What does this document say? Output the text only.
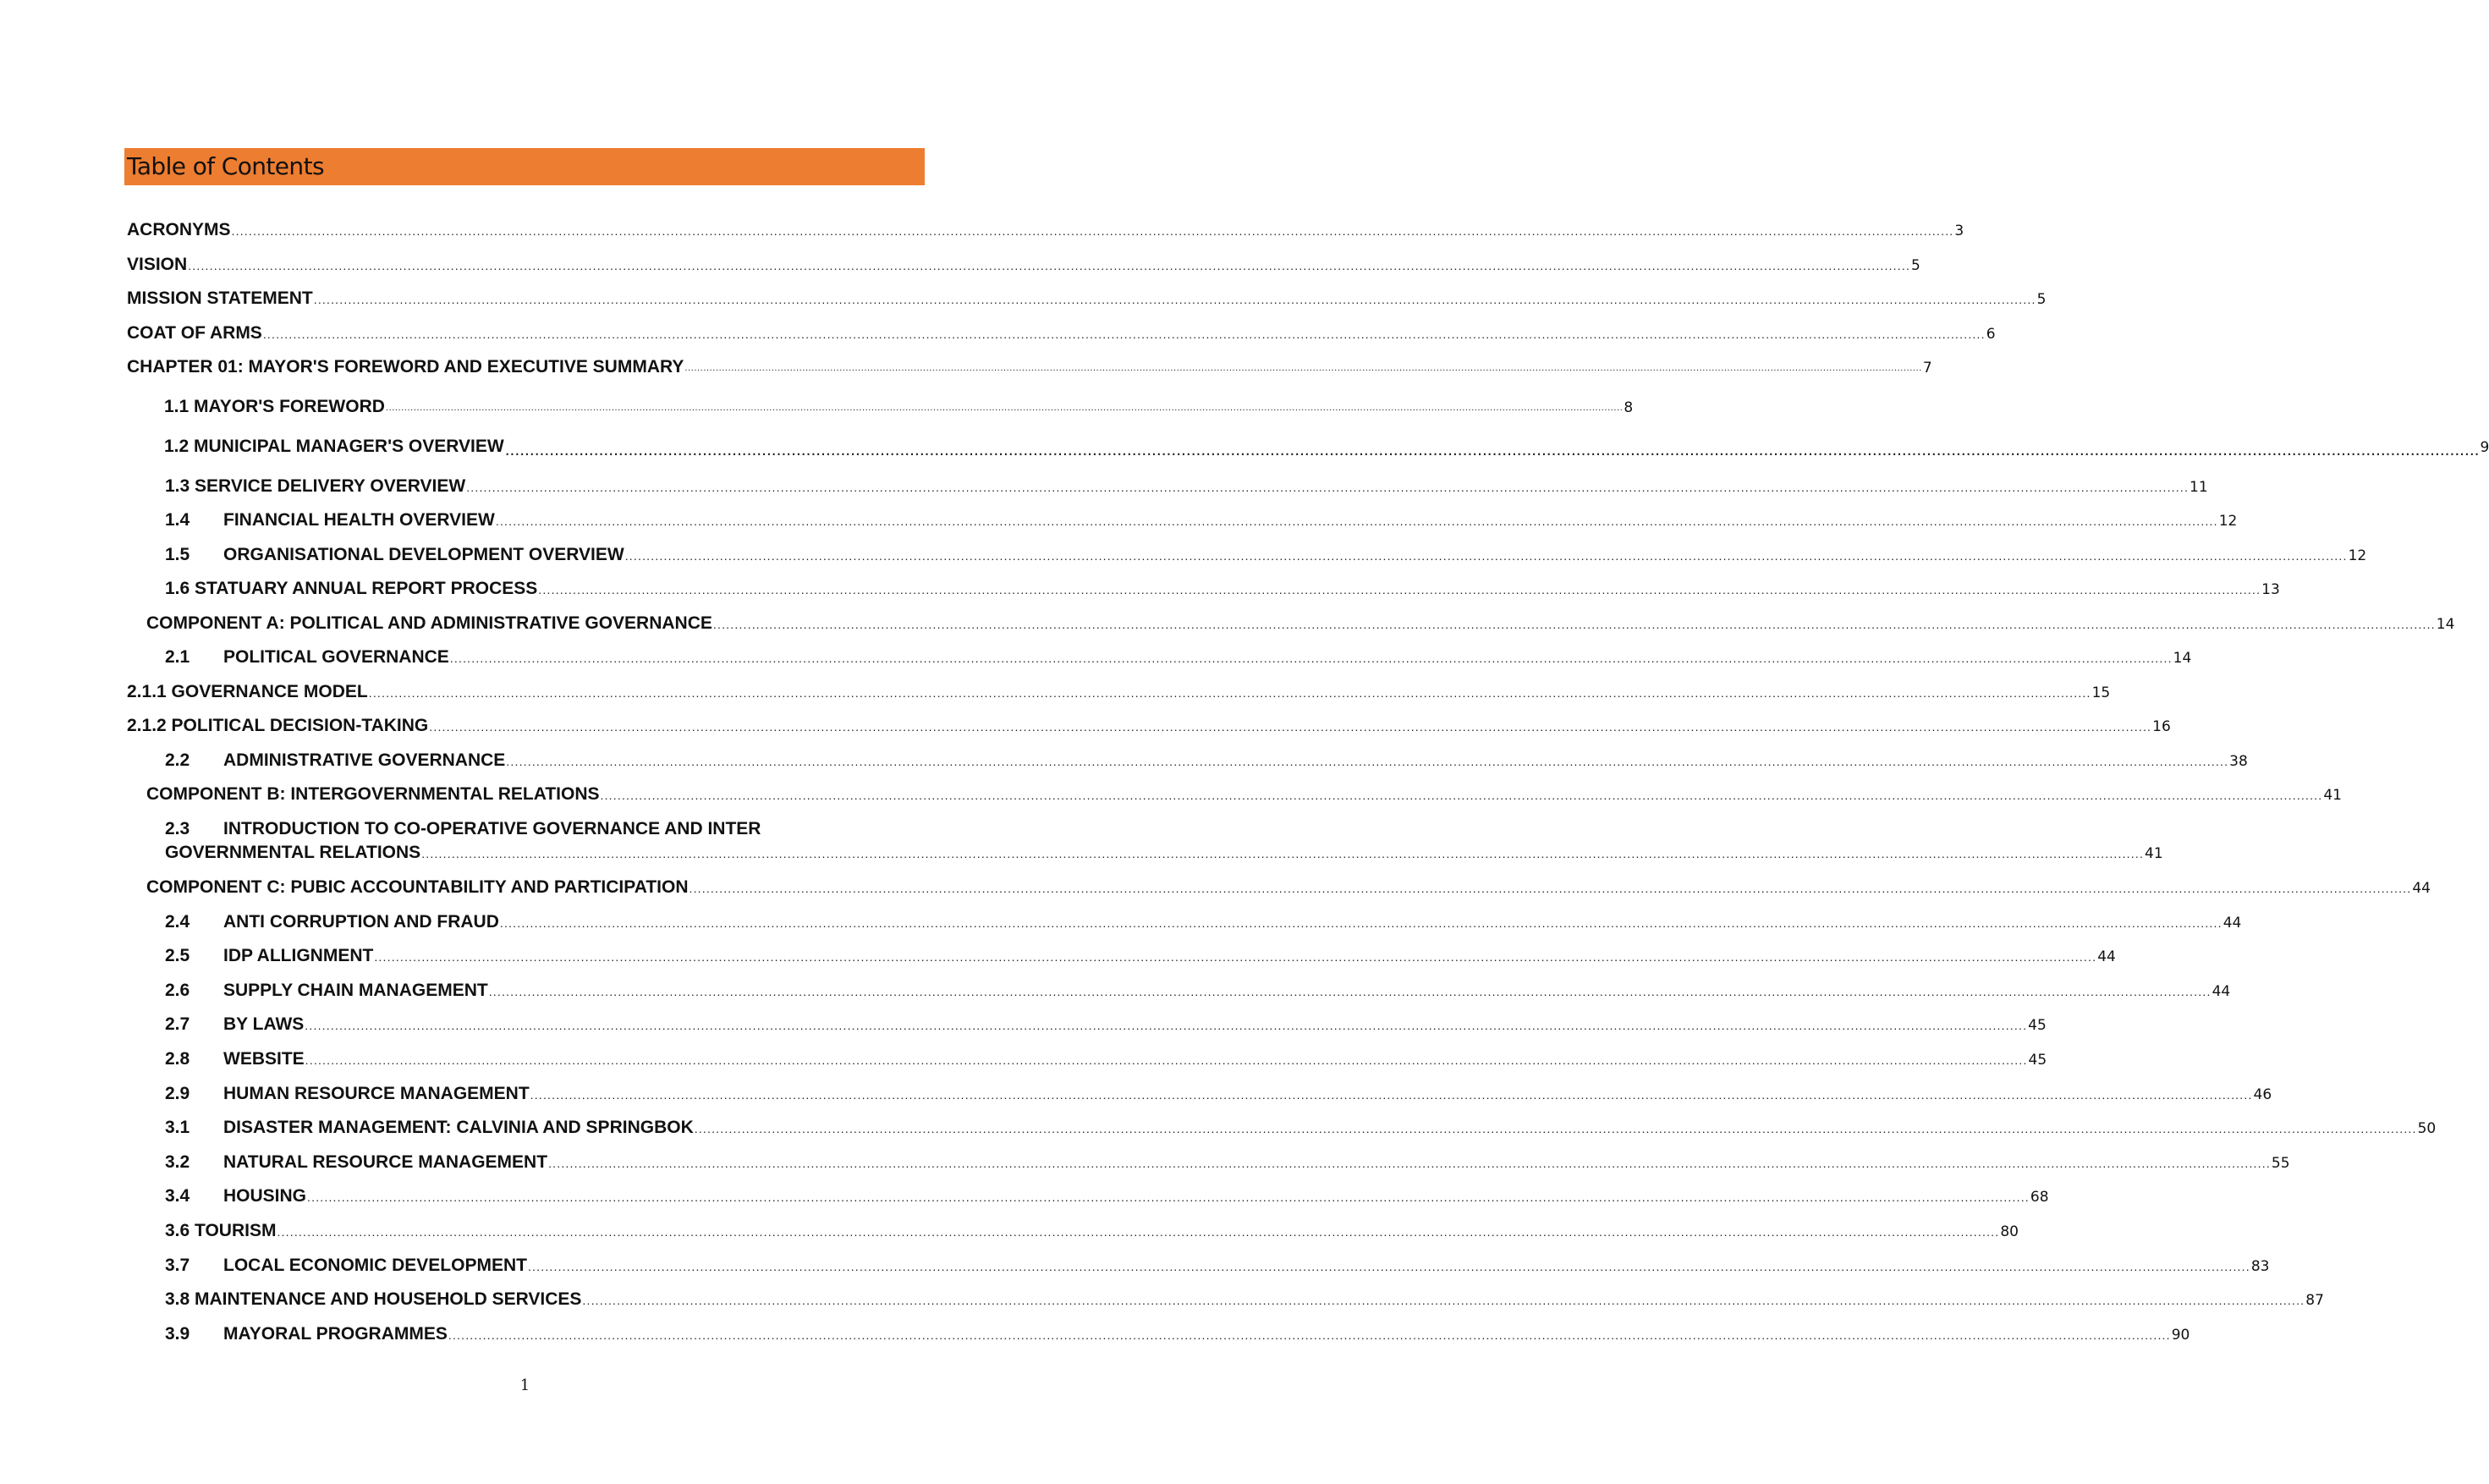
Table of Contents
ACRONYMS ................................................................................................................................................................................................................................................................................................................................................................................................................ 3
VISION ................................................................................................................................................................................................................................................................................................................................................................................................................ 5
MISSION STATEMENT ................................................................................................................................................................................................................................................................................................................................................................................................................ 5
COAT OF ARMS ................................................................................................................................................................................................................................................................................................................................................................................................................ 6
CHAPTER 01: MAYOR'S FOREWORD AND EXECUTIVE SUMMARY ................................................................................................................................................................................................................................................................................................................................................................................................................ 7
1.1 MAYOR'S FOREWORD ................................................................................................................................................................................................................................................................................................................................................................................................................ 8
1.2 MUNICIPAL MANAGER'S OVERVIEW ................................................................................................................................................................................................................................................................................................................................................................................................................ 9
1.3 SERVICE DELIVERY OVERVIEW ................................................................................................................................................................................................................................................................................................................................................................................................................ 11
1.4	FINANCIAL HEALTH OVERVIEW ................................................................................................................................................................................................................................................................................................................................................................................................................ 12
1.5	ORGANISATIONAL DEVELOPMENT OVERVIEW ................................................................................................................................................................................................................................................................................................................................................................................................................ 12
1.6 STATUARY ANNUAL REPORT PROCESS ................................................................................................................................................................................................................................................................................................................................................................................................................ 13
COMPONENT A: POLITICAL AND ADMINISTRATIVE GOVERNANCE ................................................................................................................................................................................................................................................................................................................................................................................................................ 14
2.1	POLITICAL GOVERNANCE ................................................................................................................................................................................................................................................................................................................................................................................................................ 14
2.1.1 GOVERNANCE MODEL ................................................................................................................................................................................................................................................................................................................................................................................................................ 15
2.1.2 POLITICAL DECISION-TAKING ................................................................................................................................................................................................................................................................................................................................................................................................................ 16
2.2	ADMINISTRATIVE GOVERNANCE ................................................................................................................................................................................................................................................................................................................................................................................................................ 38
COMPONENT B: INTERGOVERNMENTAL RELATIONS ................................................................................................................................................................................................................................................................................................................................................................................................................ 41
2.3 INTRODUCTION TO CO-OPERATIVE GOVERNANCE AND INTER
GOVERNMENTAL RELATIONS ................................................................................................................................................................................................................................................................................................................................................................................................................ 41
COMPONENT C: PUBIC ACCOUNTABILITY AND PARTICIPATION ................................................................................................................................................................................................................................................................................................................................................................................................................ 44
2.4	ANTI CORRUPTION AND FRAUD ................................................................................................................................................................................................................................................................................................................................................................................................................ 44
2.5	IDP ALLIGNMENT ................................................................................................................................................................................................................................................................................................................................................................................................................ 44
2.6	SUPPLY CHAIN MANAGEMENT ................................................................................................................................................................................................................................................................................................................................................................................................................ 44
2.7	BY LAWS ................................................................................................................................................................................................................................................................................................................................................................................................................ 45
2.8	WEBSITE ................................................................................................................................................................................................................................................................................................................................................................................................................ 45
2.9	HUMAN RESOURCE MANAGEMENT ................................................................................................................................................................................................................................................................................................................................................................................................................ 46
3.1	DISASTER MANAGEMENT: CALVINIA AND SPRINGBOK ................................................................................................................................................................................................................................................................................................................................................................................................................ 50
3.2	NATURAL RESOURCE MANAGEMENT ................................................................................................................................................................................................................................................................................................................................................................................................................ 55
3.4	HOUSING ................................................................................................................................................................................................................................................................................................................................................................................................................ 68
3.6 TOURISM ................................................................................................................................................................................................................................................................................................................................................................................................................ 80
3.7	LOCAL ECONOMIC DEVELOPMENT ................................................................................................................................................................................................................................................................................................................................................................................................................ 83
3.8 MAINTENANCE AND HOUSEHOLD SERVICES ................................................................................................................................................................................................................................................................................................................................................................................................................ 87
3.9	MAYORAL PROGRAMMES ................................................................................................................................................................................................................................................................................................................................................................................................................ 90
1
